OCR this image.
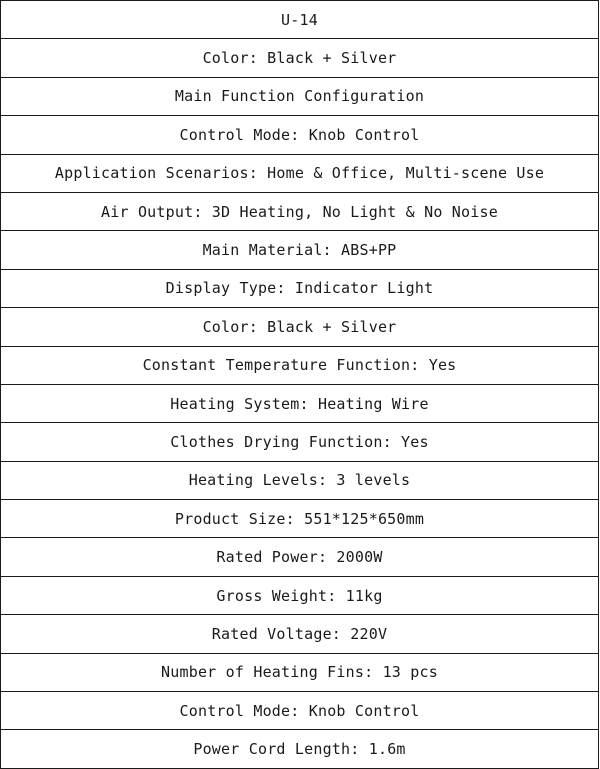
U-14
Color: Black + Silver
Main Function Configuration
Control Mode: Knob Control
Application Scenarios: Home & Office, Multi-scene Use
Air Output: 3D Heating, No Light & No Noise
Main Material: ABS+PP
Display Type: Indicator Light
Color: Black + Silver
Constant Temperature Function: Yes
Heating System: Heating Wire
Clothes Drying Function: Yes
Heating Levels: 3 levels
Product Size: 551*125*650mm
Rated Power: 2000W
Gross Weight: 11kg
Rated Voltage: 220V
Number of Heating Fins: 13 pcs
Control Mode: Knob Control
Power Cord Length: 1.6m
